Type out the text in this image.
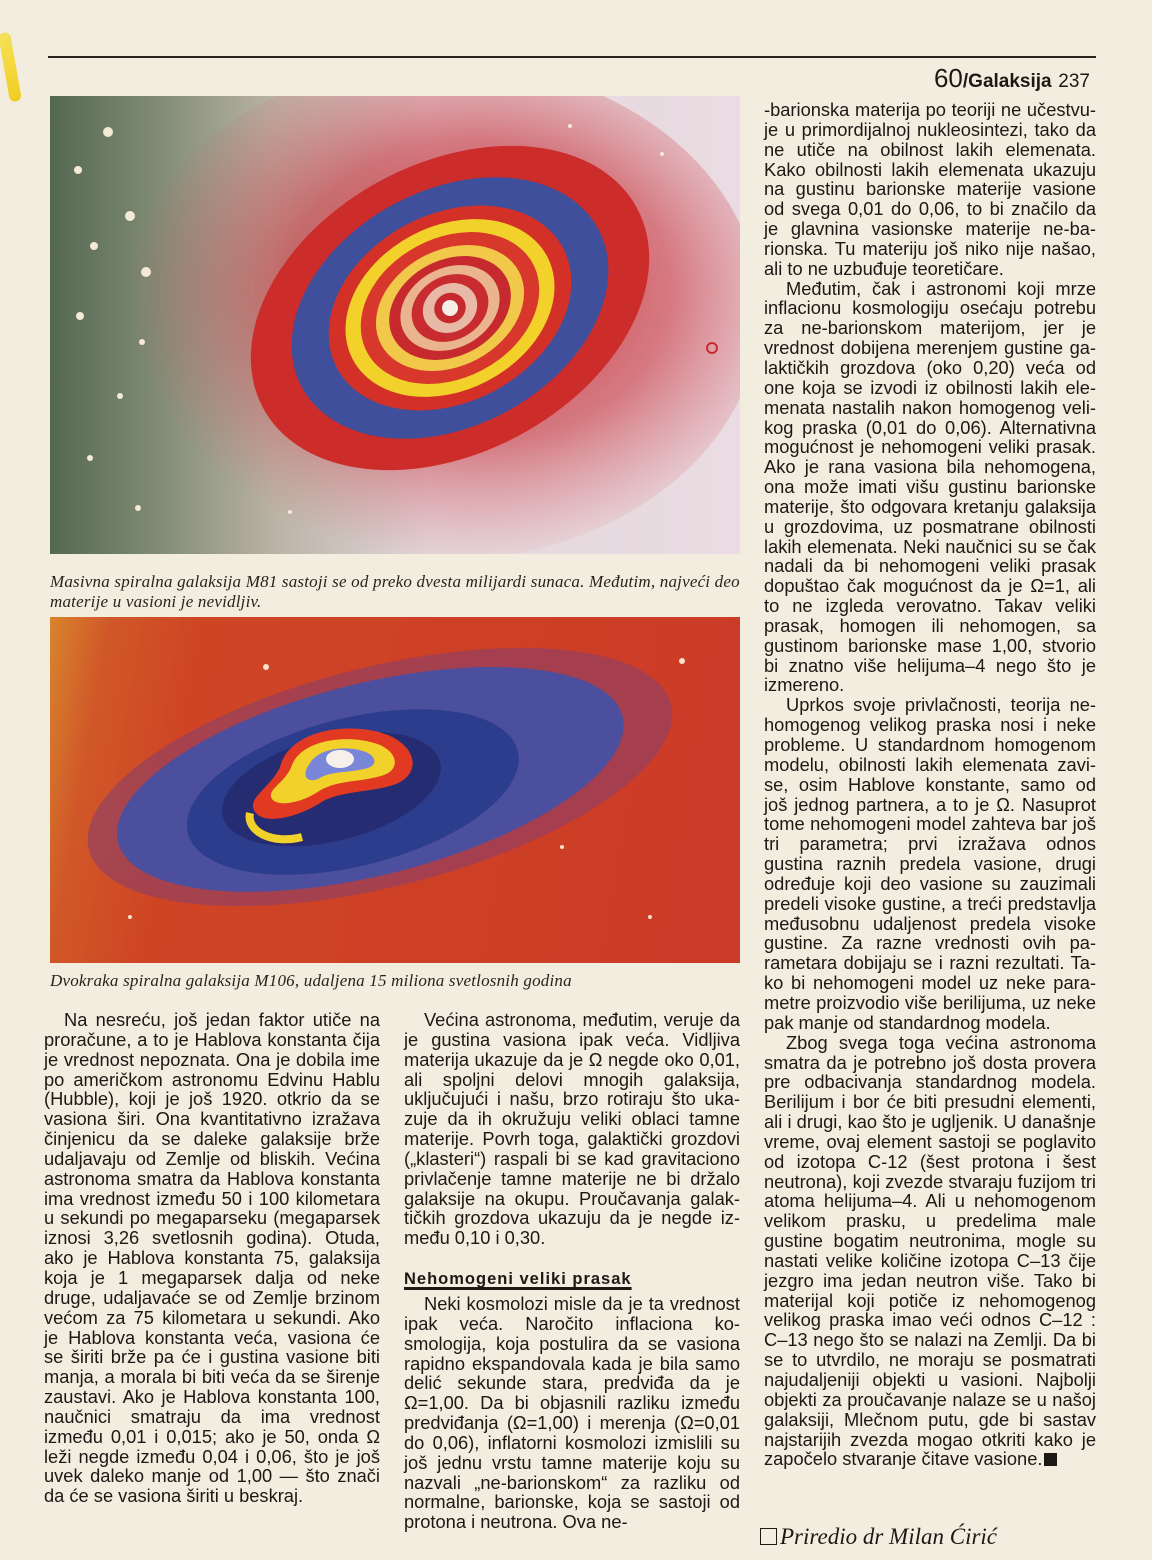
60/Galaksija 237
Masivna spiralna galaksija M81 sastoji se od preko dvesta milijardi sunaca. Međutim, najveći deo materije u vasioni je nevidljiv.
Dvokraka spiralna galaksija M106, udaljena 15 miliona svetlosnih godina

-barionska materija po teoriji ne učestvuje u primordijalnoj nukleosintezi, tako da ne utiče na obilnost lakih elemenata. Kako obilnosti lakih elemenata ukazuju na gustinu barionske materije vasione od svega 0,01 do 0,06, to bi značilo da je glavnina vasionske materije ne-barionska. Tu materiju još niko nije našao, ali to ne uzbuđuje teoretičare.

Međutim, čak i astronomi koji mrze inflacionu kosmologiju osećaju potrebu za ne-barionskom materijom, jer je vrednost dobijena merenjem gustine galaktičkih grozdova (oko 0,20) veća od one koja se izvodi iz obilnosti lakih elemenata nastalih nakon homogenog velikog praska (0,01 do 0,06). Alternativna mogućnost je nehomogeni veliki prasak. Ako je rana vasiona bila nehomogena, ona može imati višu gustinu barionske materije, što odgovara kretanju galaksija u grozdovima, uz posmatrane obilnosti lakih elemenata. Neki naučnici su se čak nadali da bi nehomogeni veliki prasak dopuštao čak mogućnost da je Ω=1, ali to ne izgleda verovatno. Takav veliki prasak, homogen ili nehomogen, sa gustinom barionske mase 1,00, stvorio bi znatno više helijuma–4 nego što je izmereno.

Uprkos svoje privlačnosti, teorija nehomogenog velikog praska nosi i neke probleme. U standardnom homogenom modelu, obilnosti lakih elemenata zavise, osim Hablove konstante, samo od još jednog partnera, a to je Ω. Nasuprot tome nehomogeni model zahteva bar još tri parametra; prvi izražava odnos gustina raznih predela vasione, drugi određuje koji deo vasione su zauzimali predeli visoke gustine, a treći predstavlja međusobnu udaljenost predela visoke gustine. Za razne vrednosti ovih parametara dobijaju se i razni rezultati. Tako bi nehomogeni model uz neke parametre proizvodio više berilijuma, uz neke pak manje od standardnog modela.

Zbog svega toga većina astronoma smatra da je potrebno još dosta provera pre odbacivanja standardnog modela. Berilijum i bor će biti presudni elementi, ali i drugi, kao što je ugljenik. U današnje vreme, ovaj element sastoji se poglavito od izotopa C-12 (šest protona i šest neutrona), koji zvezde stvaraju fuzijom tri atoma helijuma–4. Ali u nehomogenom velikom prasku, u predelima male gustine bogatim neutronima, mogle su nastati velike količine izotopa C–13 čije jezgro ima jedan neutron više. Tako bi materijal koji potiče iz nehomogenog velikog praska imao veći odnos C–12 : C–13 nego što se nalazi na Zemlji. Da bi se to utvrdilo, ne moraju se posmatrati najudaljeniji objekti u vasioni. Najbolji objekti za proučavanje nalaze se u našoj galaksiji, Mlečnom putu, gde bi sastav najstarijih zvezda mogao otkriti kako je započelo stvaranje čitave vasione.

Na nesreću, još jedan faktor utiče na proračune, a to je Hablova konstanta čija je vrednost nepoznata. Ona je dobila ime po američkom astronomu Edvinu Hablu (Hubble), koji je još 1920. otkrio da se vasiona širi. Ona kvantitativno izražava činjenicu da se daleke galaksije brže udaljavaju od Zemlje od bliskih. Većina astronoma smatra da Hablova konstanta ima vrednost između 50 i 100 kilometara u sekundi po megaparseku (megaparsek iznosi 3,26 svetlosnih godina). Otuda, ako je Hablova konstanta 75, galaksija koja je 1 megaparsek dalja od neke druge, udaljavaće se od Zemlje brzinom većom za 75 kilometara u sekundi. Ako je Hablova konstanta veća, vasiona će se širiti brže pa će i gustina vasione biti manja, a morala bi biti veća da se širenje zaustavi. Ako je Hablova konstanta 100, naučnici smatraju da ima vrednost između 0,01 i 0,015; ako je 50, onda Ω leži negde između 0,04 i 0,06, što je još uvek daleko manje od 1,00 — što znači da će se vasiona širiti u beskraj.

Većina astronoma, međutim, veruje da je gustina vasiona ipak veća. Vidljiva materija ukazuje da je Ω negde oko 0,01, ali spoljni delovi mnogih galaksija, uključujući i našu, brzo rotiraju što ukazuje da ih okružuju veliki oblaci tamne materije. Povrh toga, galaktički grozdovi („klasteri“) raspali bi se kad gravitaciono privlačenje tamne materije ne bi držalo galaksije na okupu. Proučavanja galaktičkih grozdova ukazuju da je negde između 0,10 i 0,30.

Nehomogeni veliki prasak

Neki kosmolozi misle da je ta vrednost ipak veća. Naročito inflaciona kosmologija, koja postulira da se vasiona rapidno ekspandovala kada je bila samo delić sekunde stara, predviđa da je Ω=1,00. Da bi objasnili razliku između predviđanja (Ω=1,00) i merenja (Ω=0,01 do 0,06), inflatorni kosmolozi izmislili su još jednu vrstu tamne materije koju su nazvali „ne-barionskom“ za razliku od normalne, barionske, koja se sastoji od protona i neutrona. Ova ne-

Priredio dr Milan Ćirić
